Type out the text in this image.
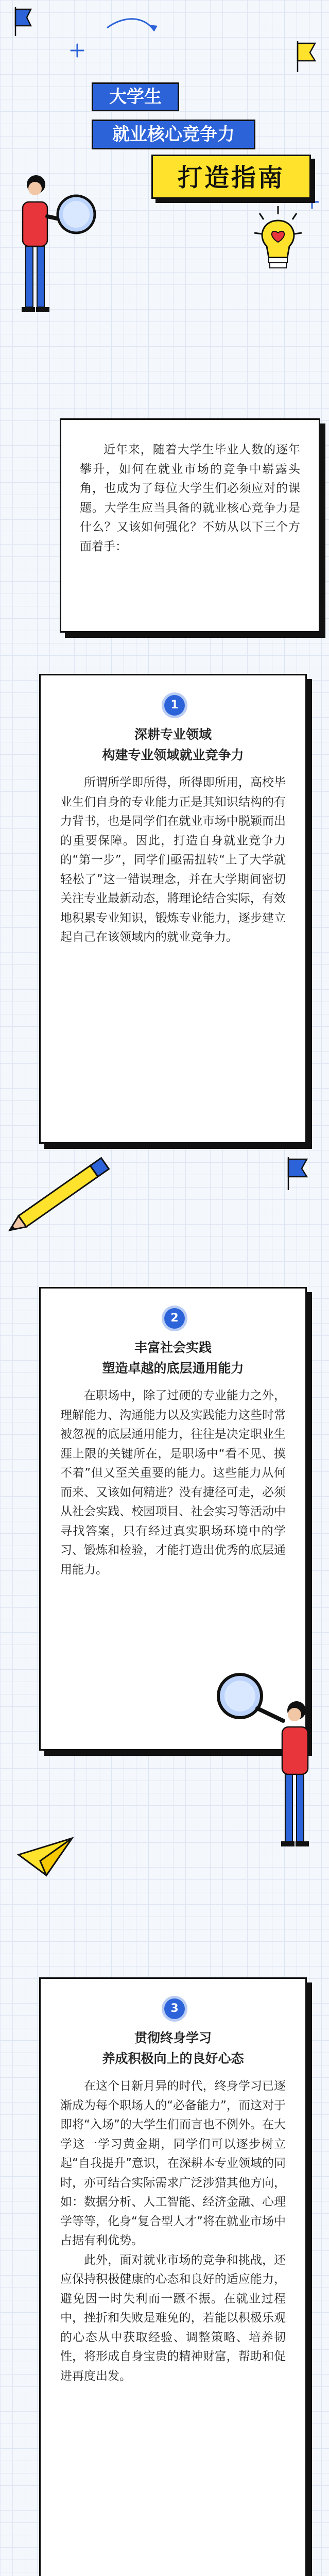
大学生
就业核心竞争力
打造指南

近年来，随着大学生毕业人数的逐年攀升，如何在就业市场的竞争中崭露头角，也成为了每位大学生们必须应对的课题。大学生应当具备的就业核心竞争力是什么？又该如何强化？不妨从以下三个方面着手：

1
深耕专业领域
构建专业领域就业竞争力

所谓所学即所得，所得即所用，高校毕业生们自身的专业能力正是其知识结构的有力背书，也是同学们在就业市场中脱颖而出的重要保障。因此，打造自身就业竞争力的“第一步”，同学们亟需扭转“上了大学就轻松了”这一错误理念，并在大学期间密切关注专业最新动态，將理论结合实际，有效地积累专业知识，锻炼专业能力，逐步建立起自己在该领域内的就业竞争力。

2
丰富社会实践
塑造卓越的底层通用能力

在职场中，除了过硬的专业能力之外，理解能力、沟通能力以及实践能力这些时常被忽视的底层通用能力，往往是决定职业生涯上限的关键所在，是职场中“看不见、摸不着”但又至关重要的能力。这些能力从何而来、又该如何精进？没有捷径可走，必须从社会实践、校园项目、社会实习等活动中寻找答案，只有经过真实职场环境中的学习、锻炼和检验，才能打造出优秀的底层通用能力。

3
贯彻终身学习
养成积极向上的良好心态

在这个日新月异的时代，终身学习已逐渐成为每个职场人的“必备能力”，而这对于即将“入场”的大学生们而言也不例外。在大学这一学习黄金期，同学们可以逐步树立起“自我提升”意识，在深耕本专业领域的同时，亦可结合实际需求广泛涉猎其他方向，如：数据分析、人工智能、经济金融、心理学等等，化身“复合型人才”将在就业市场中占据有利优势。

此外，面对就业市场的竞争和挑战，还应保持积极健康的心态和良好的适应能力，避免因一时失利而一蹶不振。在就业过程中，挫折和失败是难免的，若能以积极乐观的心态从中获取经验、调整策略、培养韧性，将形成自身宝贵的精神财富，帮助和促进再度出发。
